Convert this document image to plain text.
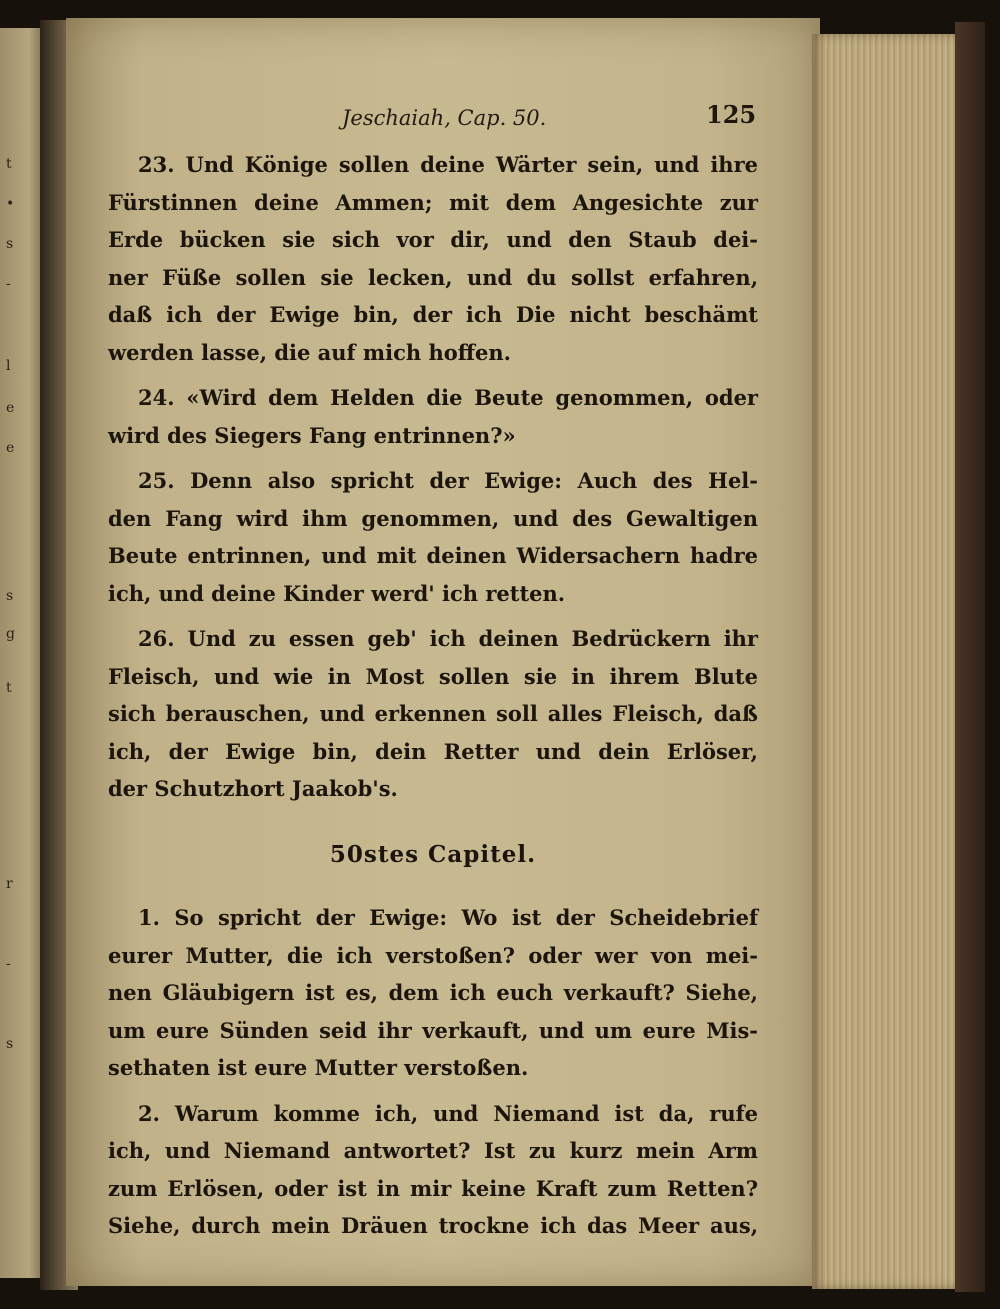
t
•
s
-
l
e
e
s
g
t
r
-
s
Jeschaiah, Cap. 50.	125
23. Und Könige sollen deine Wärter sein, und ihre
Fürstinnen deine Ammen; mit dem Angesichte zur
Erde bücken sie sich vor dir, und den Staub dei-
ner Füße sollen sie lecken, und du sollst erfahren,
daß ich der Ewige bin, der ich Die nicht beschämt
werden lasse, die auf mich hoffen.
24. «Wird dem Helden die Beute genommen, oder
wird des Siegers Fang entrinnen?»
25. Denn also spricht der Ewige: Auch des Hel-
den Fang wird ihm genommen, und des Gewaltigen
Beute entrinnen, und mit deinen Widersachern hadre
ich, und deine Kinder werd' ich retten.
26. Und zu essen geb' ich deinen Bedrückern ihr
Fleisch, und wie in Most sollen sie in ihrem Blute
sich berauschen, und erkennen soll alles Fleisch, daß
ich, der Ewige bin, dein Retter und dein Erlöser,
der Schutzhort Jaakob's.
50stes Capitel.
1. So spricht der Ewige: Wo ist der Scheidebrief
eurer Mutter, die ich verstoßen? oder wer von mei-
nen Gläubigern ist es, dem ich euch verkauft? Siehe,
um eure Sünden seid ihr verkauft, und um eure Mis-
sethaten ist eure Mutter verstoßen.
2. Warum komme ich, und Niemand ist da, rufe
ich, und Niemand antwortet? Ist zu kurz mein Arm
zum Erlösen, oder ist in mir keine Kraft zum Retten?
Siehe, durch mein Dräuen trockne ich das Meer aus,
